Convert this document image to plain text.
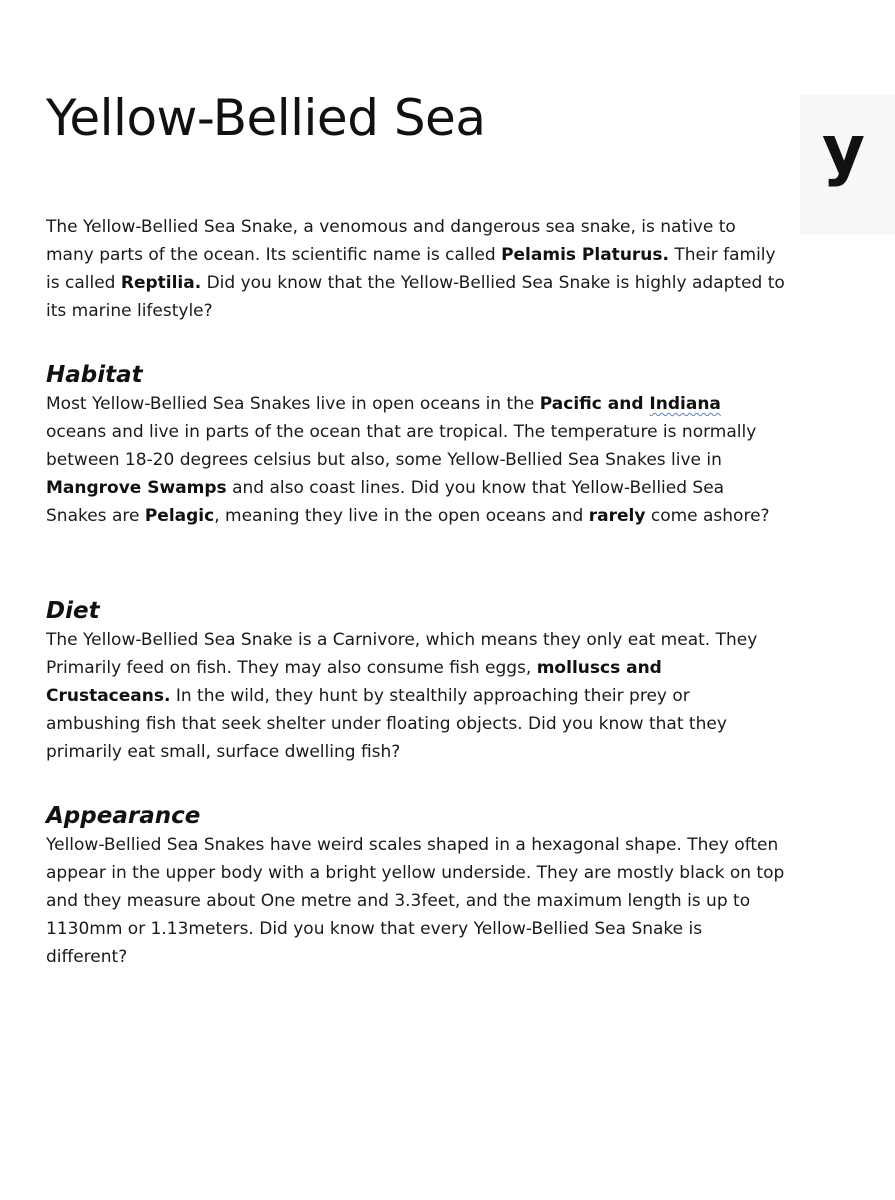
Yellow-Bellied Sea	y

The Yellow-Bellied Sea Snake, a venomous and dangerous sea snake, is native to many parts of the ocean. Its scientific name is called Pelamis Platurus. Their family is called Reptilia. Did you know that the Yellow-Bellied Sea Snake is highly adapted to its marine lifestyle?

Habitat

Most Yellow-Bellied Sea Snakes live in open oceans in the Pacific and Indiana oceans and live in parts of the ocean that are tropical. The temperature is normally between 18-20 degrees celsius but also, some Yellow-Bellied Sea Snakes live in Mangrove Swamps and also coast lines. Did you know that Yellow-Bellied Sea Snakes are Pelagic, meaning they live in the open oceans and rarely come ashore?

Diet

The Yellow-Bellied Sea Snake is a Carnivore, which means they only eat meat. They Primarily feed on fish. They may also consume fish eggs, molluscs and Crustaceans. In the wild, they hunt by stealthily approaching their prey or ambushing fish that seek shelter under floating objects. Did you know that they primarily eat small, surface dwelling fish?

Appearance

Yellow-Bellied Sea Snakes have weird scales shaped in a hexagonal shape. They often appear in the upper body with a bright yellow underside. They are mostly black on top and they measure about One metre and 3.3feet, and the maximum length is up to 1130mm or 1.13meters. Did you know that every Yellow-Bellied Sea Snake is different?
